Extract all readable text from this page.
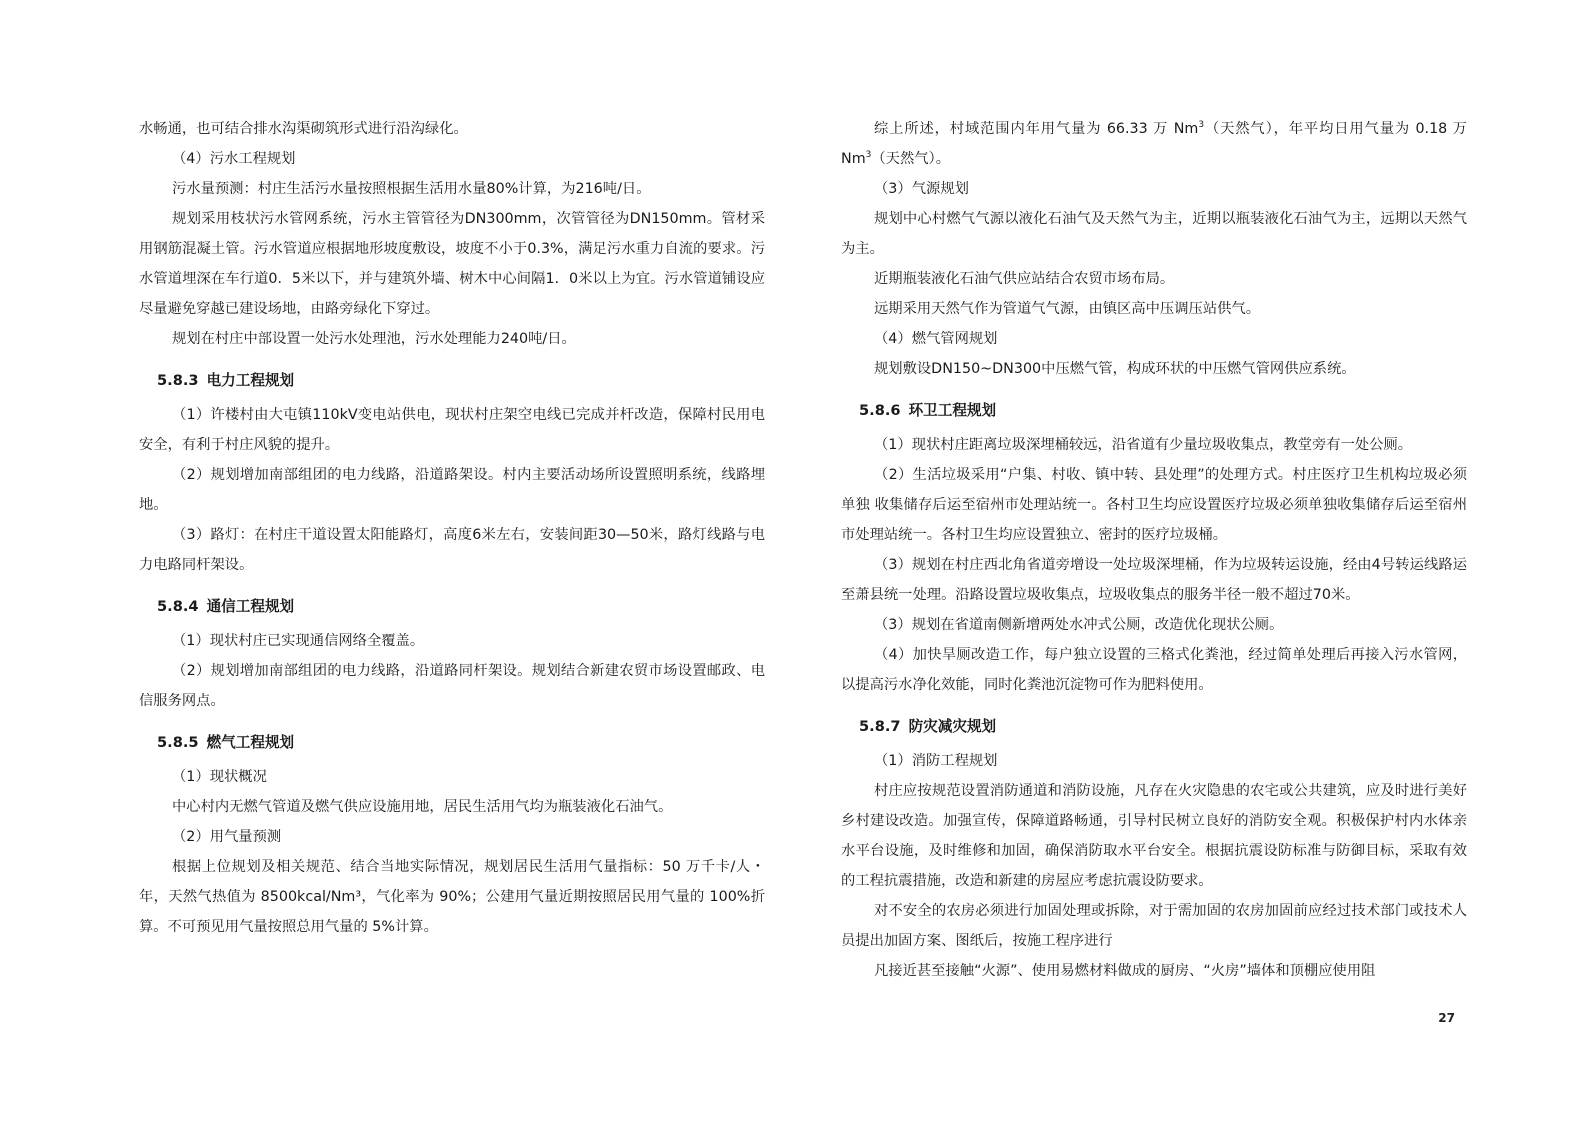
水畅通，也可结合排水沟渠砌筑形式进行沿沟绿化。

（4）污水工程规划

污水量预测：村庄生活污水量按照根据生活用水量80%计算，为216吨/日。

规划采用枝状污水管网系统，污水主管管径为DN300mm，次管管径为DN150mm。管材采用钢筋混凝土管。污水管道应根据地形坡度敷设，坡度不小于0.3%，满足污水重力自流的要求。污水管道埋深在车行道0．5米以下，并与建筑外墙、树木中心间隔1．0米以上为宜。污水管道铺设应尽量避免穿越已建设场地，由路旁绿化下穿过。

规划在村庄中部设置一处污水处理池，污水处理能力240吨/日。

5.8.3 电力工程规划

（1）许楼村由大屯镇110kV变电站供电，现状村庄架空电线已完成并杆改造，保障村民用电安全，有利于村庄风貌的提升。

（2）规划增加南部组团的电力线路，沿道路架设。村内主要活动场所设置照明系统，线路埋地。

（3）路灯：在村庄干道设置太阳能路灯，高度6米左右，安装间距30—50米，路灯线路与电力电路同杆架设。

5.8.4 通信工程规划

（1）现状村庄已实现通信网络全覆盖。

（2）规划增加南部组团的电力线路，沿道路同杆架设。规划结合新建农贸市场设置邮政、电信服务网点。

5.8.5 燃气工程规划

（1）现状概况

中心村内无燃气管道及燃气供应设施用地，居民生活用气均为瓶装液化石油气。

（2）用气量预测

根据上位规划及相关规范、结合当地实际情况，规划居民生活用气量指标：50 万千卡/人・年，天然气热值为 8500kcal/Nm³，气化率为 90%；公建用气量近期按照居民用气量的 100%折算。不可预见用气量按照总用气量的 5%计算。

综上所述，村域范围内年用气量为 66.33 万 Nm$^3$（天然气），年平均日用气量为 0.18 万 Nm$^3$（天然气）。

（3）气源规划

规划中心村燃气气源以液化石油气及天然气为主，近期以瓶装液化石油气为主，远期以天然气为主。

近期瓶装液化石油气供应站结合农贸市场布局。

远期采用天然气作为管道气气源，由镇区高中压调压站供气。

（4）燃气管网规划

规划敷设DN150~DN300中压燃气管，构成环状的中压燃气管网供应系统。

5.8.6 环卫工程规划

（1）现状村庄距离垃圾深埋桶较远，沿省道有少量垃圾收集点，教堂旁有一处公厕。

（2）生活垃圾采用“户集、村收、镇中转、县处理”的处理方式。村庄医疗卫生机构垃圾必须单独 收集储存后运至宿州市处理站统一。各村卫生均应设置医疗垃圾必须单独收集储存后运至宿州市处理站统一。各村卫生均应设置独立、密封的医疗垃圾桶。

（3）规划在村庄西北角省道旁增设一处垃圾深埋桶，作为垃圾转运设施，经由4号转运线路运至萧县统一处理。沿路设置垃圾收集点，垃圾收集点的服务半径一般不超过70米。

（3）规划在省道南侧新增两处水冲式公厕，改造优化现状公厕。

（4）加快旱厕改造工作，每户独立设置的三格式化粪池，经过简单处理后再接入污水管网，以提高污水净化效能，同时化粪池沉淀物可作为肥料使用。

5.8.7 防灾减灾规划

（1）消防工程规划

村庄应按规范设置消防通道和消防设施，凡存在火灾隐患的农宅或公共建筑，应及时进行美好乡村建设改造。加强宣传，保障道路畅通，引导村民树立良好的消防安全观。积极保护村内水体亲水平台设施，及时维修和加固，确保消防取水平台安全。根据抗震设防标准与防御目标，采取有效的工程抗震措施，改造和新建的房屋应考虑抗震设防要求。

对不安全的农房必须进行加固处理或拆除，对于需加固的农房加固前应经过技术部门或技术人员提出加固方案、图纸后，按施工程序进行

凡接近甚至接触“火源”、使用易燃材料做成的厨房、“火房”墙体和顶棚应使用阻

27
